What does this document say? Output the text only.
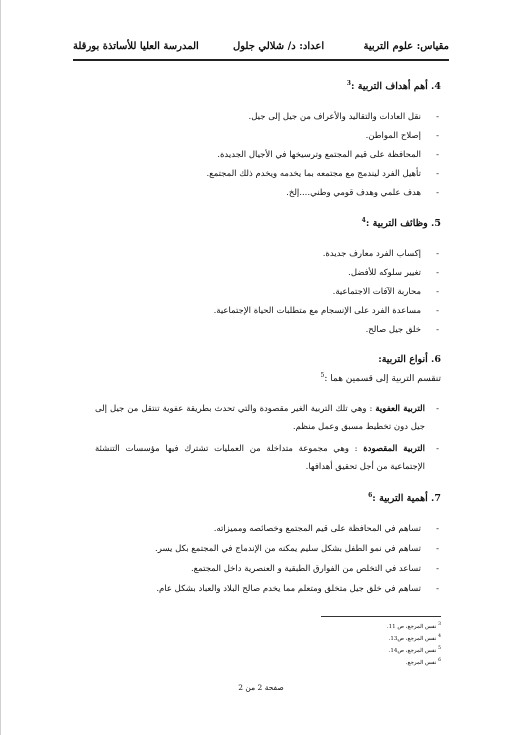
مقياس: علوم التربية
اعداد: د/ شلالي جلول
المدرسة العليا للأساتذة بورقلة
4. أهم أهداف التربية :$^3$
-
نقل العادات والتقاليد والأعراف من جيل إلى جيل.
-
إصلاح المواطن.
-
المحافظة على قيم المجتمع وترسيخها في الأجيال الجديدة.
-
تأهيل الفرد ليندمج مع مجتمعه بما يخدمه ويخدم ذلك المجتمع.
-
هدف علمي وهدف قومي وطني....إلخ.
5. وظائف التربية :$^4$
-
إكساب الفرد معارف جديدة.
-
تغيير سلوكه للأفضل.
-
محاربة الآفات الاجتماعية.
-
مساعدة الفرد على الإنسجام مع متطلبات الحياة الإجتماعية.
-
خلق جيل صالح.
6. أنواع التربية:
تنقسم التربية إلى قسمين هما :$^5$
-
التربية العفوية : وهي تلك التربية الغير مقصودة والتي تحدث بطريقة عفوية تنتقل من جيل إلى جيل دون تخطيط مسبق وعمل منظم.
-
التربية المقصودة : وهي مجموعة متداخلة من العمليات تشترك فيها مؤسسات التنشئة الإجتماعية من أجل تحقيق أهدافها.
7. أهمية التربية :$^6$
-
تساهم في المحافظة على قيم المجتمع وخصائصه ومميزاته.
-
تساهم في نمو الطفل بشكل سليم يمكنه من الإندماج في المجتمع بكل يسر.
-
تساعد في التخلص من الفوارق الطبقية و العنصرية داخل المجتمع.
-
تساهم في خلق جيل متخلق ومتعلم مما يخدم صالح البلاد والعباد بشكل عام.
$^3$ نفس المرجع، ص 11.
$^4$ نفس المرجع، ص13.
$^5$ نفس المرجع، ص14.
$^6$ نفس المرجع.
صفحة 2 من 2
